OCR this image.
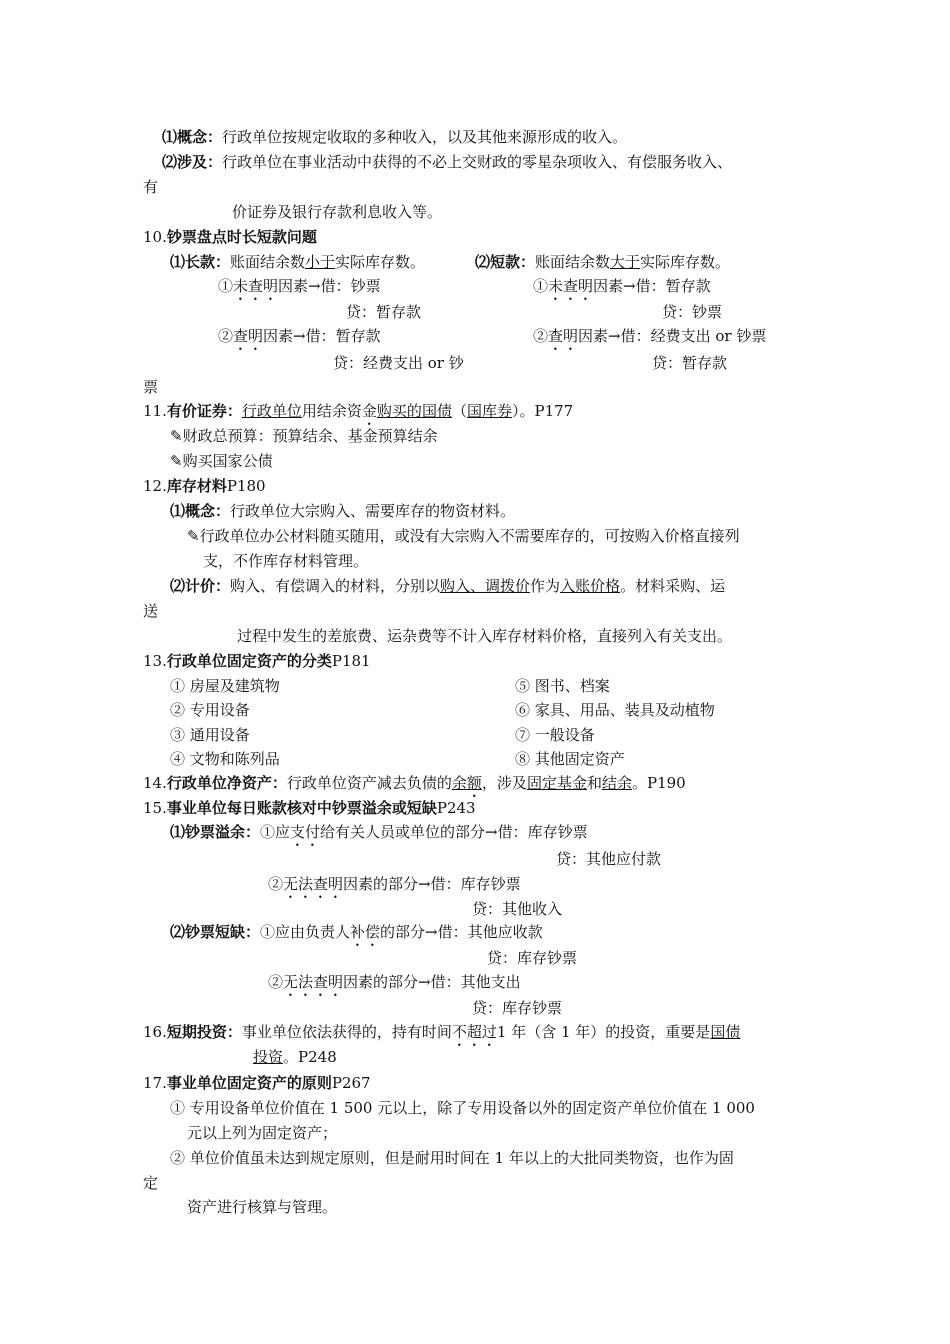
⑴概念：行政单位按规定收取的多种收入，以及其他来源形成的收入。
⑵涉及：行政单位在事业活动中获得的不必上交财政的零星杂项收入、有偿服务收入、
有
价证券及银行存款利息收入等。
10.钞票盘点时长短款问题
⑴长款：账面结余数小于实际库存数。	⑵短款：账面结余数大于实际库存数。
①未查明因素→借：钞票	①未查明因素→借：暂存款
贷：暂存款	贷：钞票
②查明因素→借：暂存款	②查明因素→借：经费支出 or 钞票
贷：经费支出 or 钞	贷：暂存款
票
11.有价证券：行政单位用结余资金购买的国债（国库券）。P177
✎财政总预算：预算结余、基金预算结余
✎购买国家公债
12.库存材料P180
⑴概念：行政单位大宗购入、需要库存的物资材料。
✎行政单位办公材料随买随用，或没有大宗购入不需要库存的，可按购入价格直接列
支，不作库存材料管理。
⑵计价：购入、有偿调入的材料，分别以购入、调拨价作为入账价格。材料采购、运
送
过程中发生的差旅费、运杂费等不计入库存材料价格，直接列入有关支出。
13.行政单位固定资产的分类P181
① 房屋及建筑物	⑤ 图书、档案
② 专用设备	⑥ 家具、用品、装具及动植物
③ 通用设备	⑦ 一般设备
④ 文物和陈列品	⑧ 其他固定资产
14.行政单位净资产：行政单位资产减去负债的余额，涉及固定基金和结余。P190
15.事业单位每日账款核对中钞票溢余或短缺P243
⑴钞票溢余：①应支付给有关人员或单位的部分→借：库存钞票
贷：其他应付款
②无法查明因素的部分→借：库存钞票
贷：其他收入
⑵钞票短缺：①应由负责人补偿的部分→借：其他应收款
贷：库存钞票
②无法查明因素的部分→借：其他支出
贷：库存钞票
16.短期投资：事业单位依法获得的，持有时间不超过1 年（含 1 年）的投资，重要是国债
投资。P248
17.事业单位固定资产的原则P267
① 专用设备单位价值在 1 500 元以上，除了专用设备以外的固定资产单位价值在 1 000
元以上列为固定资产；
② 单位价值虽未达到规定原则，但是耐用时间在 1 年以上的大批同类物资，也作为固
定
资产进行核算与管理。
